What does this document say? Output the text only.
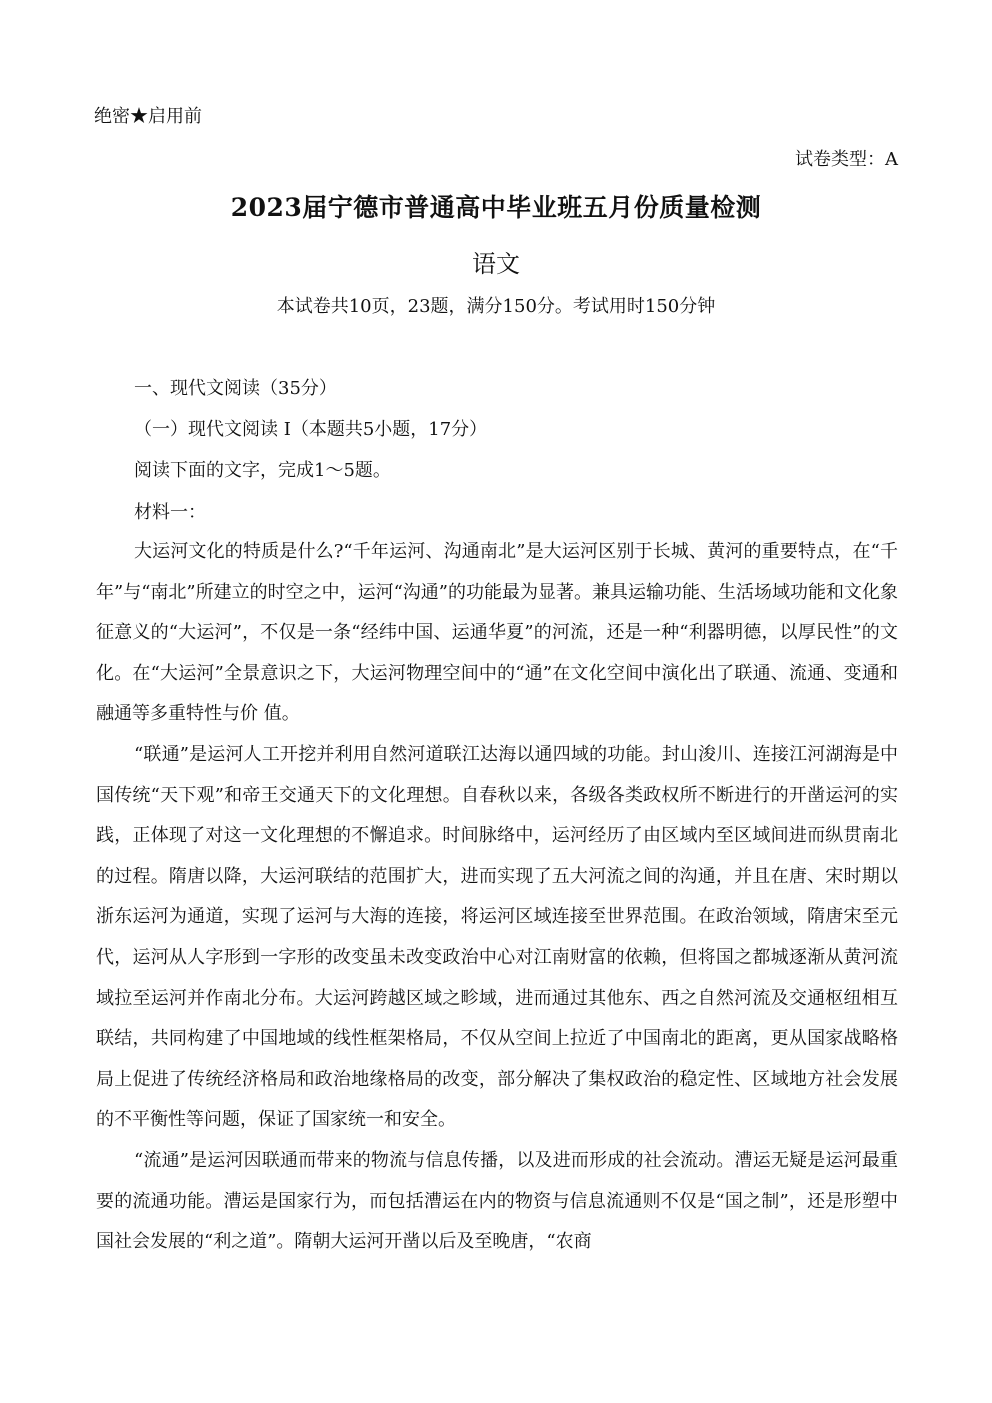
绝密★启用前
试卷类型：A
2023届宁德市普通高中毕业班五月份质量检测
语文
本试卷共10页，23题，满分150分。考试用时150分钟
一、现代文阅读（35分）
（一）现代文阅读 I（本题共5小题，17分）
阅读下面的文字，完成1～5题。
材料一：

大运河文化的特质是什么?“千年运河、沟通南北”是大运河区别于长城、黄河的重要特点，在“千年”与“南北”所建立的时空之中，运河“沟通”的功能最为显著。兼具运输功能、生活场域功能和文化象征意义的“大运河”，不仅是一条“经纬中国、运通华夏”的河流，还是一种“利器明德，以厚民性”的文化。在“大运河”全景意识之下，大运河物理空间中的“通”在文化空间中演化出了联通、流通、变通和融通等多重特性与价 值。

“联通”是运河人工开挖并利用自然河道联江达海以通四域的功能。封山浚川、连接江河湖海是中国传统“天下观”和帝王交通天下的文化理想。自春秋以来，各级各类政权所不断进行的开凿运河的实践，正体现了对这一文化理想的不懈追求。时间脉络中，运河经历了由区域内至区域间进而纵贯南北的过程。隋唐以降，大运河联结的范围扩大，进而实现了五大河流之间的沟通，并且在唐、宋时期以浙东运河为通道，实现了运河与大海的连接，将运河区域连接至世界范围。在政治领域，隋唐宋至元代，运河从人字形到一字形的改变虽未改变政治中心对江南财富的依赖，但将国之都城逐渐从黄河流域拉至运河并作南北分布。大运河跨越区域之畛域，进而通过其他东、西之自然河流及交通枢纽相互联结，共同构建了中国地域的线性框架格局，不仅从空间上拉近了中国南北的距离，更从国家战略格局上促进了传统经济格局和政治地缘格局的改变，部分解决了集权政治的稳定性、区域地方社会发展的不平衡性等问题，保证了国家统一和安全。

“流通”是运河因联通而带来的物流与信息传播，以及进而形成的社会流动。漕运无疑是运河最重要的流通功能。漕运是国家行为，而包括漕运在内的物资与信息流通则不仅是“国之制”，还是形塑中国社会发展的“利之道”。隋朝大运河开凿以后及至晚唐，“农商
